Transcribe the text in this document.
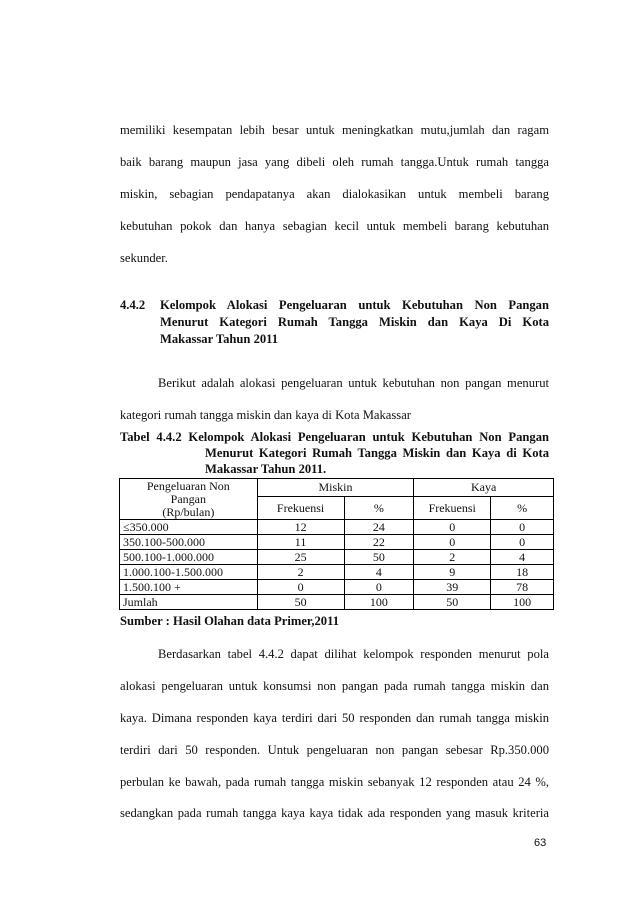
memiliki kesempatan lebih besar untuk meningkatkan mutu,jumlah dan ragam
baik barang maupun jasa yang dibeli oleh rumah tangga.Untuk rumah tangga
miskin, sebagian pendapatanya akan dialokasikan untuk membeli barang
kebutuhan pokok dan hanya sebagian kecil untuk membeli barang kebutuhan
sekunder.
4.4.2 Kelompok Alokasi Pengeluaran untuk Kebutuhan Non Pangan
Menurut Kategori Rumah Tangga Miskin dan Kaya Di Kota
Makassar Tahun 2011
Berikut adalah alokasi pengeluaran untuk kebutuhan non pangan menurut
kategori rumah tangga miskin dan kaya di Kota Makassar
Tabel 4.4.2 Kelompok Alokasi Pengeluaran untuk Kebutuhan Non Pangan
Menurut Kategori Rumah Tangga Miskin dan Kaya di Kota
Makassar Tahun 2011.
Pengeluaran Non
Pangan
(Rp/bulan)	Miskin		Kaya	
	Frekuensi	%	Frekuensi	%
≤350.000	12	24	0	0
350.100-500.000	11	22	0	0
500.100-1.000.000	25	50	2	4
1.000.100-1.500.000	2	4	9	18
1.500.100 +	0	0	39	78
Jumlah	50	100	50	100
Sumber : Hasil Olahan data Primer,2011
Berdasarkan tabel 4.4.2 dapat dilihat kelompok responden menurut pola
alokasi pengeluaran untuk konsumsi non pangan pada rumah tangga miskin dan
kaya. Dimana responden kaya terdiri dari 50 responden dan rumah tangga miskin
terdiri dari 50 responden. Untuk pengeluaran non pangan sebesar Rp.350.000
perbulan ke bawah, pada rumah tangga miskin sebanyak 12 responden atau 24 %,
sedangkan pada rumah tangga kaya kaya tidak ada responden yang masuk kriteria
63
